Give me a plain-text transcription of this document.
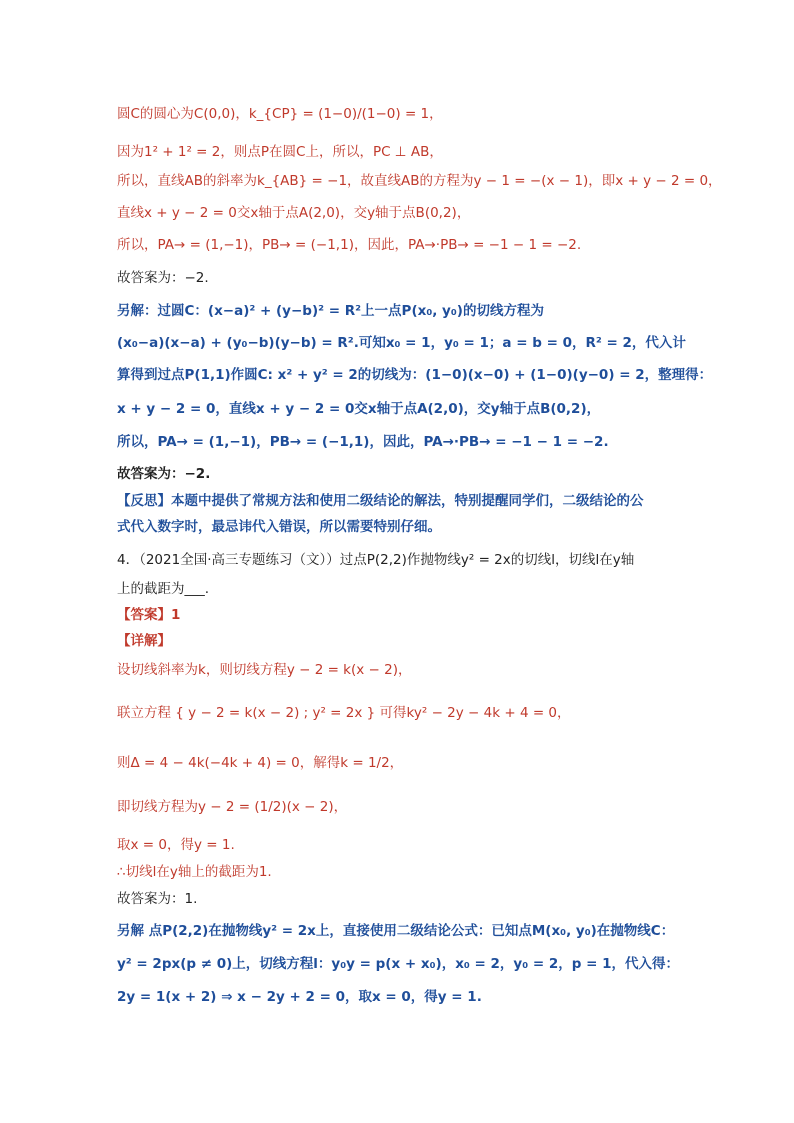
圆C的圆心为C(0,0)，k_{CP} = (1−0)/(1−0) = 1，
因为1² + 1² = 2，则点P在圆C上，所以，PC ⊥ AB，
所以，直线AB的斜率为k_{AB} = −1，故直线AB的方程为y − 1 = −(x − 1)，即x + y − 2 = 0，
直线x + y − 2 = 0交x轴于点A(2,0)，交y轴于点B(0,2)，
所以，PA→ = (1,−1)，PB→ = (−1,1)，因此，PA→·PB→ = −1 − 1 = −2.
故答案为：−2.
另解：过圆C：(x−a)² + (y−b)² = R²上一点P(x₀, y₀)的切线方程为
(x₀−a)(x−a) + (y₀−b)(y−b) = R².可知x₀ = 1，y₀ = 1；a = b = 0，R² = 2，代入计
算得到过点P(1,1)作圆C: x² + y² = 2的切线为：(1−0)(x−0) + (1−0)(y−0) = 2，整理得：
x + y − 2 = 0，直线x + y − 2 = 0交x轴于点A(2,0)，交y轴于点B(0,2)，
所以，PA→ = (1,−1)，PB→ = (−1,1)，因此，PA→·PB→ = −1 − 1 = −2.
故答案为：−2.
【反思】本题中提供了常规方法和使用二级结论的解法，特别提醒同学们，二级结论的公
式代入数字时，最忌讳代入错误，所以需要特别仔细。
4．（2021全国·高三专题练习（文））过点P(2,2)作抛物线y² = 2x的切线l，切线l在y轴
上的截距为___.
【答案】1
【详解】
设切线斜率为k，则切线方程y − 2 = k(x − 2)，
联立方程 { y − 2 = k(x − 2) ; y² = 2x } 可得ky² − 2y − 4k + 4 = 0，
则Δ = 4 − 4k(−4k + 4) = 0，解得k = 1/2，
即切线方程为y − 2 = (1/2)(x − 2)，
取x = 0，得y = 1.
∴切线l在y轴上的截距为1.
故答案为：1.
另解 点P(2,2)在抛物线y² = 2x上，直接使用二级结论公式：已知点M(x₀, y₀)在抛物线C：
y² = 2px(p ≠ 0)上，切线方程l：y₀y = p(x + x₀)，x₀ = 2，y₀ = 2，p = 1，代入得：
2y = 1(x + 2) ⇒ x − 2y + 2 = 0，取x = 0，得y = 1.
